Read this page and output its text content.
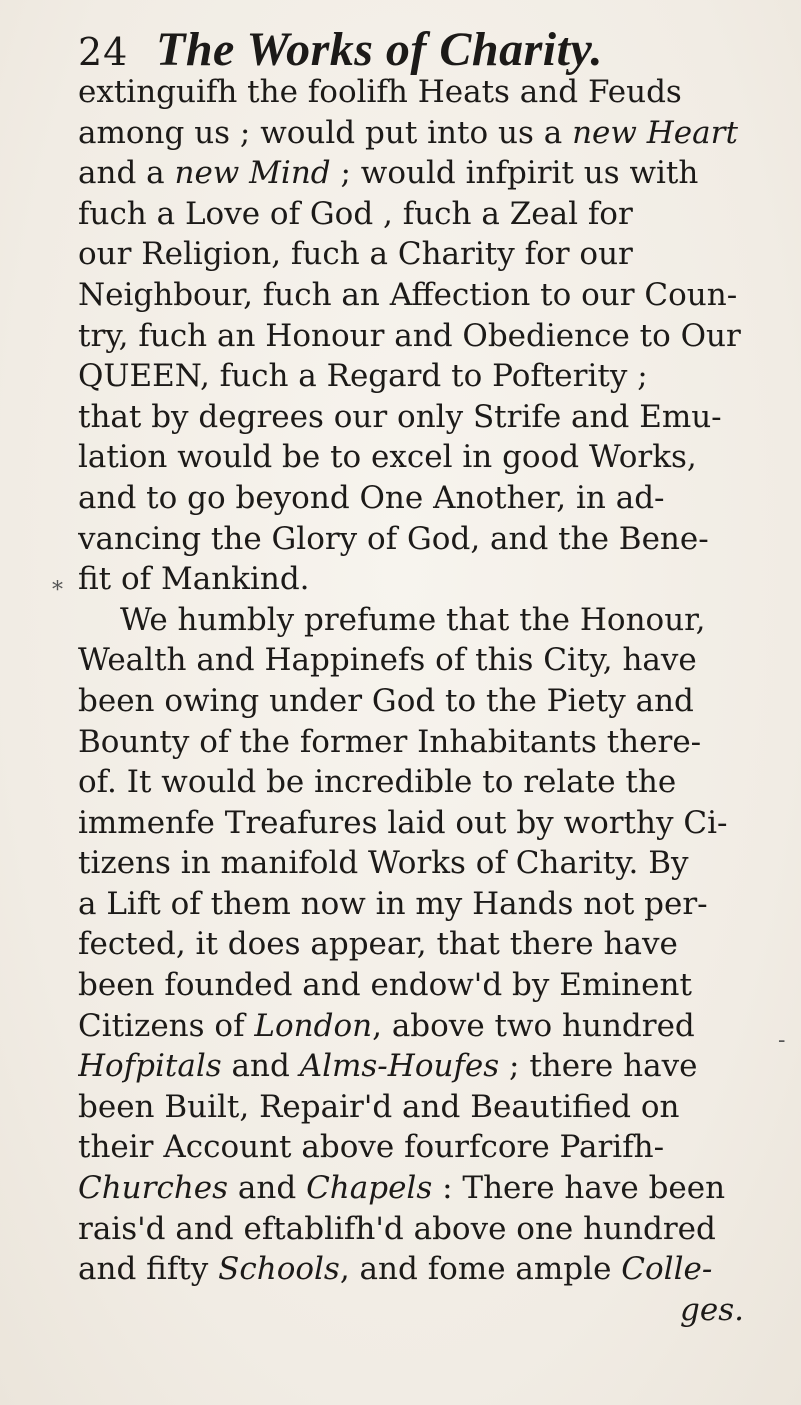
24 The Works of Charity.
extinguifh the foolifh Heats and Feuds
among us ; would put into us a new Heart
and a new Mind ; would infpirit us with
fuch a Love of God , fuch a Zeal for
our Religion, fuch a Charity for our
Neighbour, fuch an Affection to our Coun-
try, fuch an Honour and Obedience to Our
QUEEN, fuch a Regard to Pofterity ;
that by degrees our only Strife and Emu-
lation would be to excel in good Works,
and to go beyond One Another, in ad-
vancing the Glory of God, and the Bene-
fit of Mankind.
We humbly prefume that the Honour,
Wealth and Happinefs of this City, have
been owing under God to the Piety and
Bounty of the former Inhabitants there-
of. It would be incredible to relate the
immenfe Treafures laid out by worthy Ci-
tizens in manifold Works of Charity. By
a Lift of them now in my Hands not per-
fected, it does appear, that there have
been founded and endow'd by Eminent
Citizens of London, above two hundred
Hofpitals and Alms-Houfes ; there have
been Built, Repair'd and Beautified on
their Account above fourfcore Parifh-
Churches and Chapels : There have been
rais'd and eftablifh'd above one hundred
and fifty Schools, and fome ample Colle-
ges.
*
-
